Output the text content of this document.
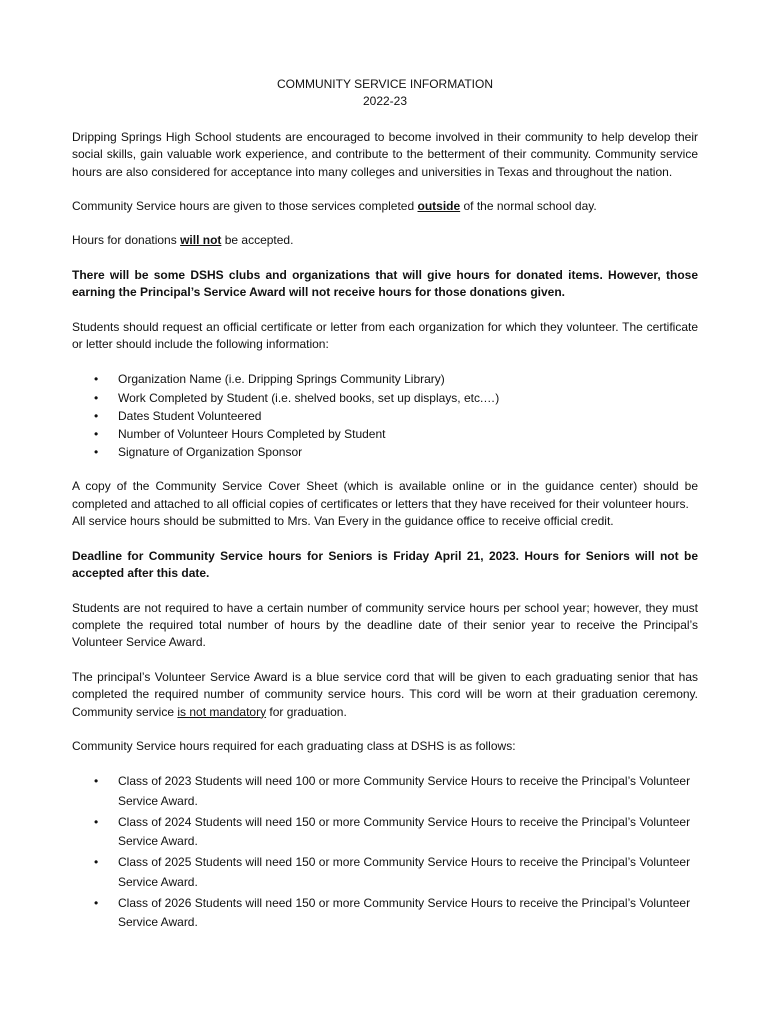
COMMUNITY SERVICE INFORMATION
2022-23

Dripping Springs High School students are encouraged to become involved in their community to help develop their social skills, gain valuable work experience, and contribute to the betterment of their community. Community service hours are also considered for acceptance into many colleges and universities in Texas and throughout the nation.

Community Service hours are given to those services completed outside of the normal school day.

Hours for donations will not be accepted.

There will be some DSHS clubs and organizations that will give hours for donated items. However, those earning the Principal’s Service Award will not receive hours for those donations given.

Students should request an official certificate or letter from each organization for which they volunteer. The certificate or letter should include the following information:

• Organization Name (i.e. Dripping Springs Community Library)
• Work Completed by Student (i.e. shelved books, set up displays, etc.…)
• Dates Student Volunteered
• Number of Volunteer Hours Completed by Student
• Signature of Organization Sponsor

A copy of the Community Service Cover Sheet (which is available online or in the guidance center) should be completed and attached to all official copies of certificates or letters that they have received for their volunteer hours.

All service hours should be submitted to Mrs. Van Every in the guidance office to receive official credit.

Deadline for Community Service hours for Seniors is Friday April 21, 2023. Hours for Seniors will not be accepted after this date.

Students are not required to have a certain number of community service hours per school year; however, they must complete the required total number of hours by the deadline date of their senior year to receive the Principal’s Volunteer Service Award.

The principal’s Volunteer Service Award is a blue service cord that will be given to each graduating senior that has completed the required number of community service hours. This cord will be worn at their graduation ceremony. Community service is not mandatory for graduation.

Community Service hours required for each graduating class at DSHS is as follows:

• Class of 2023 Students will need 100 or more Community Service Hours to receive the Principal’s Volunteer Service Award.
• Class of 2024 Students will need 150 or more Community Service Hours to receive the Principal’s Volunteer Service Award.
• Class of 2025 Students will need 150 or more Community Service Hours to receive the Principal’s Volunteer Service Award.
• Class of 2026 Students will need 150 or more Community Service Hours to receive the Principal’s Volunteer Service Award.
